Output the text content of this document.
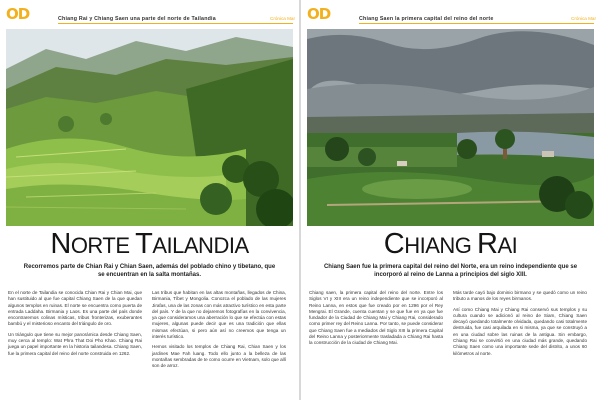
OD	Chiang Rai y Chiang Saen una parte del norte de Tailandia	Crónica Mar
NORTE TAILANDIA
Recorremos parte de Chian Rai y Chian Saen, además del poblado chino y tibetano, que se encuentran en la salta montañas.

En el norte de Tailandia se conocida Chian Rai y Chian Mai, que han sustituido al que fue capital Chiang Saen de la que quedan algunos templos en ruinas. El norte se encuentra como puerta de entrada Laddaha. Birmania y Laos. Es una parte del país donde encontraremos colinas místicas, tribus fronterizas, exuberantes bambú y el misterioso encanto del triángulo de oro.

Un triángulo que tiene su mejor panorámica desde Chiang Saen, muy cerca al templo: Wat Phra That Doi Pho Khao. Chiang Rai juega un papel importante en la historia tailandesa. Chiang Saen, fue la primera capital del reino del norte construida en 1262.

Las tribus que habitan en las altas montañas, llegados de China, Birmania, Tíbet y Mongolia. Conozca el poblado de las mujeres Jirafas, una de las zonas con más atractivo turístico en esta parte del país. Y de la que no dejaremos fotografías en la convivencia, ya que consideramos una aberración lo que se efectúa con estas mujeres, algunas puede decir que es una tradición que ellas mismas efectúan, si pero aún así no creemos que tenga un interés turístico.

Hemos visitado los templos de Chiang Rai, Chian Saen y los jardines Mae Fah luang. Todo ello junto a la belleza de las montañas sembradas de te como ocurre en Vietnam, solo que allí son de arroz.

OD	Chiang Saen la primera capital del reino del norte	Crónica Mar
CHIANG RAI
Chiang Saen fue la primera capital del reino del Norte, era un reino independiente que se incorporó al reino de Lanna a principios del siglo XIII.

Chiang saen, la primera capital del reino del norte. Entre los Siglos VI y XIII era un reino independiente que se incorporó al Reino Lanna, en estos que fue creado por en 1296 por el Rey Mengrai. El Grande, cuenta cuentan y se que fue en ya que fue fundador de la Ciudad de Chiang Mai y Chiang Rai, considerado como primer rey del Reino Lanna. Por tanto, se puede considerar que Chiang Saen fue a mediados del Siglo XIII la primera Capital del Reino Lanna y posteriormente trasladada a Chiang Rai hasta la construcción de la ciudad de Chiang Mai.

Más tarde cayó bajo dominio birmano y se quedó como un reino tributo a manos de los reyes birmanos.

Así como Chiang Mai y Chiang Rai conservó sus templos y su cultura cuando se adicionó al reino de Siam, Chiang Saen decayó quedando totalmente olvidada, quedando casi totalmente destruida, fue casi arquilada en si misma, ya que se construyó a en una ciudad sobre las ruinas de la antigua. Sin embargo, Chiang Rai se convirtió en una ciudad más grande, quedando Chiang Saen como una importante sede del distrito, a unos 60 kilómetros al norte.
